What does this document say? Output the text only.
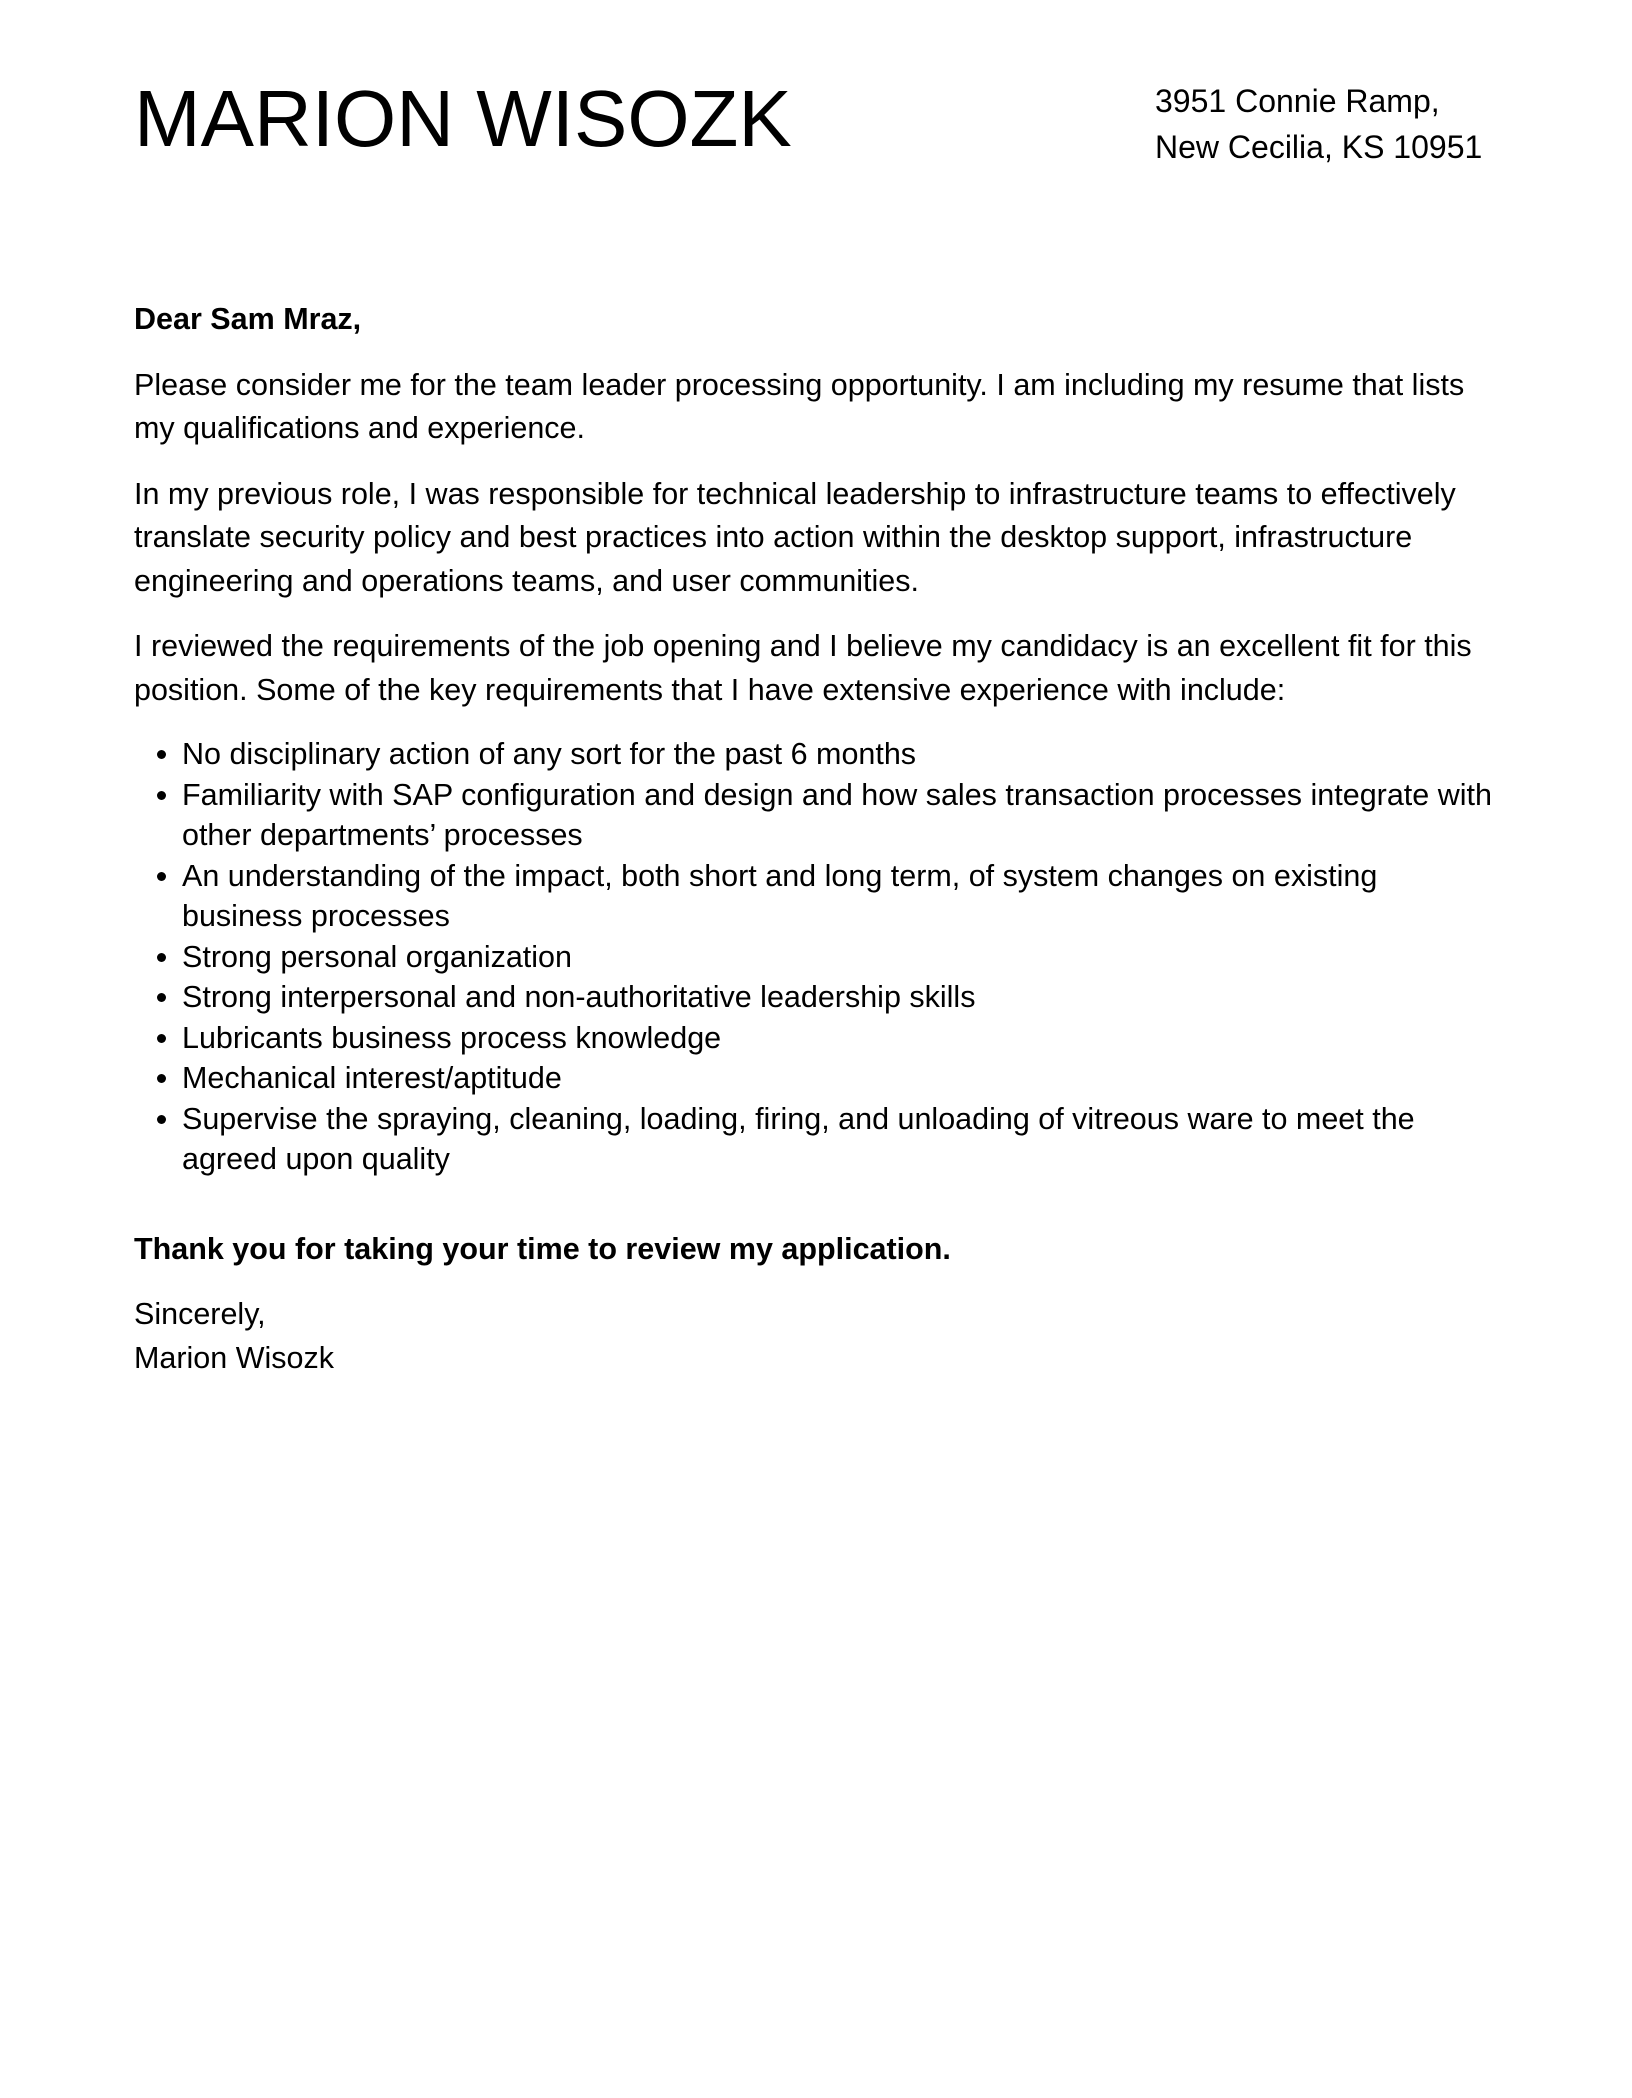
MARION WISOZK	3951 Connie Ramp,
New Cecilia, KS 10951

Dear Sam Mraz,

Please consider me for the team leader processing opportunity. I am including my resume that lists my qualifications and experience.

In my previous role, I was responsible for technical leadership to infrastructure teams to effectively translate security policy and best practices into action within the desktop support, infrastructure engineering and operations teams, and user communities.

I reviewed the requirements of the job opening and I believe my candidacy is an excellent fit for this position. Some of the key requirements that I have extensive experience with include:

• No disciplinary action of any sort for the past 6 months
• Familiarity with SAP configuration and design and how sales transaction processes integrate with other departments’ processes
• An understanding of the impact, both short and long term, of system changes on existing business processes
• Strong personal organization
• Strong interpersonal and non-authoritative leadership skills
• Lubricants business process knowledge
• Mechanical interest/aptitude
• Supervise the spraying, cleaning, loading, firing, and unloading of vitreous ware to meet the agreed upon quality

Thank you for taking your time to review my application.

Sincerely,

Marion Wisozk
